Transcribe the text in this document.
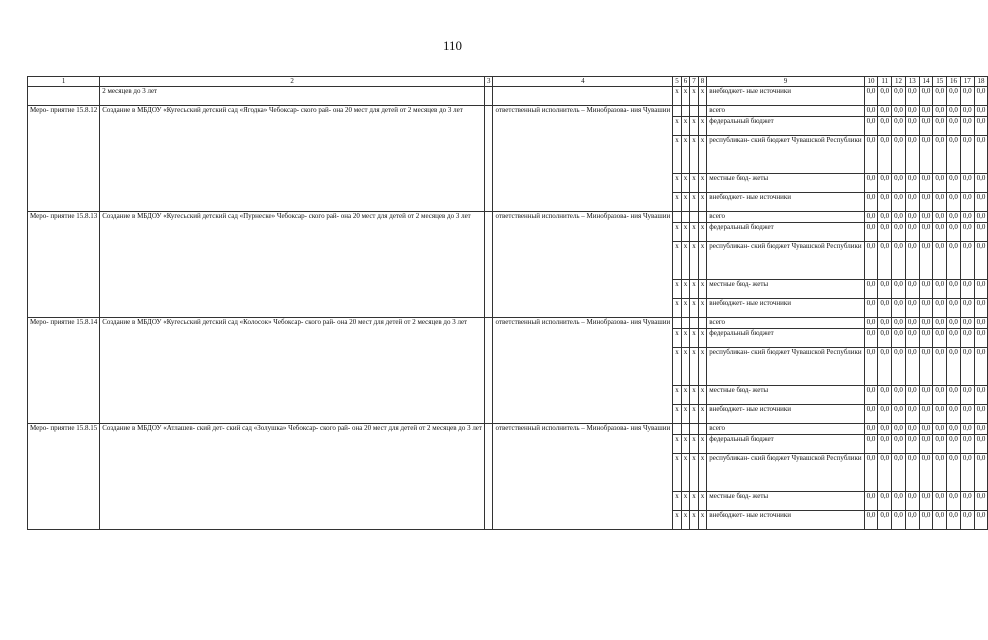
110
1	2	3	4	5	6	7	8	9	10	11	12	13	14	15	16	17	18
	2 месяцев до 3 лет			x	x	x	x	внебюджет- ные источники	0,0	0,0	0,0	0,0	0,0	0,0	0,0	0,0	0,0
Меро- приятие 15.8.12	Создание в МБДОУ «Кугесьский детский сад «Ягодка» Чебоксар- ского рай- она 20 мест для детей от 2 месяцев до 3 лет		ответственный исполнитель – Минобразова- ния Чувашии					всего	0,0	0,0	0,0	0,0	0,0	0,0	0,0	0,0	0,0
				x	x	x	x	федеральный бюджет	0,0	0,0	0,0	0,0	0,0	0,0	0,0	0,0	0,0
				x	x	x	x	республикан- ский бюджет Чувашской Республики	0,0	0,0	0,0	0,0	0,0	0,0	0,0	0,0	0,0
				x	x	x	x	местные бюд- жеты	0,0	0,0	0,0	0,0	0,0	0,0	0,0	0,0	0,0
				x	x	x	x	внебюджет- ные источники	0,0	0,0	0,0	0,0	0,0	0,0	0,0	0,0	0,0
Меро- приятие 15.8.13	Создание в МБДОУ «Кугесьский детский сад «Пурнеске» Чебоксар- ского рай- она 20 мест для детей от 2 месяцев до 3 лет		ответственный исполнитель – Минобразова- ния Чувашии					всего	0,0	0,0	0,0	0,0	0,0	0,0	0,0	0,0	0,0
				x	x	x	x	федеральный бюджет	0,0	0,0	0,0	0,0	0,0	0,0	0,0	0,0	0,0
				x	x	x	x	республикан- ский бюджет Чувашской Республики	0,0	0,0	0,0	0,0	0,0	0,0	0,0	0,0	0,0
				x	x	x	x	местные бюд- жеты	0,0	0,0	0,0	0,0	0,0	0,0	0,0	0,0	0,0
				x	x	x	x	внебюджет- ные источники	0,0	0,0	0,0	0,0	0,0	0,0	0,0	0,0	0,0
Меро- приятие 15.8.14	Создание в МБДОУ «Кугесьский детский сад «Колосок» Чебоксар- ского рай- она 20 мест для детей от 2 месяцев до 3 лет		ответственный исполнитель – Минобразова- ния Чувашии					всего	0,0	0,0	0,0	0,0	0,0	0,0	0,0	0,0	0,0
				x	x	x	x	федеральный бюджет	0,0	0,0	0,0	0,0	0,0	0,0	0,0	0,0	0,0
				x	x	x	x	республикан- ский бюджет Чувашской Республики	0,0	0,0	0,0	0,0	0,0	0,0	0,0	0,0	0,0
				x	x	x	x	местные бюд- жеты	0,0	0,0	0,0	0,0	0,0	0,0	0,0	0,0	0,0
				x	x	x	x	внебюджет- ные источники	0,0	0,0	0,0	0,0	0,0	0,0	0,0	0,0	0,0
Меро- приятие 15.8.15	Создание в МБДОУ «Атлашев- ский дет- ский сад «Золушка» Чебоксар- ского рай- она 20 мест для детей от 2 месяцев до 3 лет		ответственный исполнитель – Минобразова- ния Чувашии					всего	0,0	0,0	0,0	0,0	0,0	0,0	0,0	0,0	0,0
				x	x	x	x	федеральный бюджет	0,0	0,0	0,0	0,0	0,0	0,0	0,0	0,0	0,0
				x	x	x	x	республикан- ский бюджет Чувашской Республики	0,0	0,0	0,0	0,0	0,0	0,0	0,0	0,0	0,0
				x	x	x	x	местные бюд- жеты	0,0	0,0	0,0	0,0	0,0	0,0	0,0	0,0	0,0
				x	x	x	x	внебюджет- ные источники	0,0	0,0	0,0	0,0	0,0	0,0	0,0	0,0	0,0
